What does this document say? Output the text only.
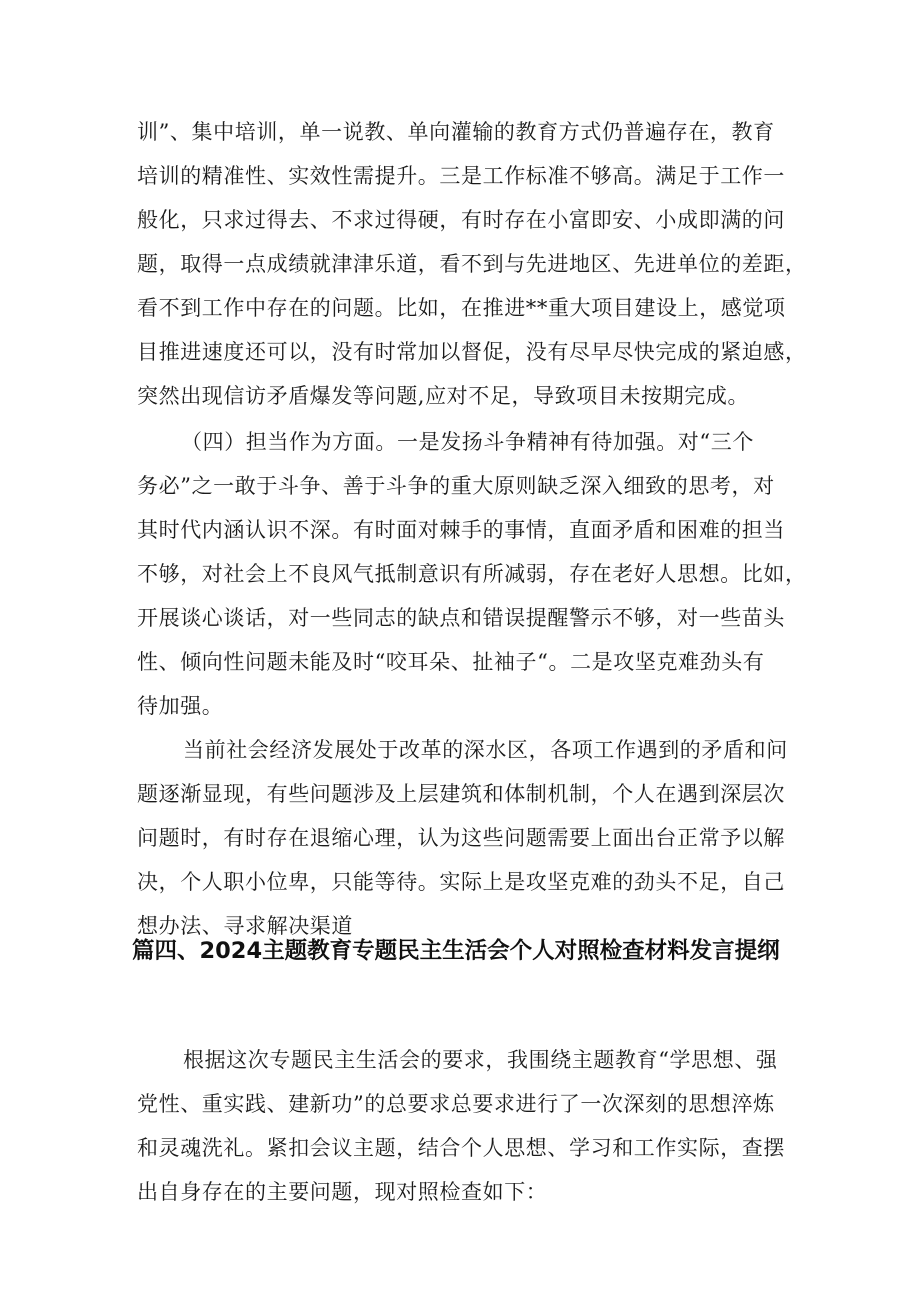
训”、集中培训，单一说教、单向灌输的教育方式仍普遍存在，教育
培训的精准性、实效性需提升。三是工作标准不够高。满足于工作一
般化，只求过得去、不求过得硬，有时存在小富即安、小成即满的问
题，取得一点成绩就津津乐道，看不到与先进地区、先进单位的差距，
看不到工作中存在的问题。比如，在推进**重大项目建设上，感觉项
目推进速度还可以，没有时常加以督促，没有尽早尽快完成的紧迫感，
突然出现信访矛盾爆发等问题,应对不足，导致项目未按期完成。
（四）担当作为方面。一是发扬斗争精神有待加强。对“三个
务必”之一敢于斗争、善于斗争的重大原则缺乏深入细致的思考，对
其时代内涵认识不深。有时面对棘手的事情，直面矛盾和困难的担当
不够，对社会上不良风气抵制意识有所减弱，存在老好人思想。比如，
开展谈心谈话，对一些同志的缺点和错误提醒警示不够，对一些苗头
性、倾向性问题未能及时“咬耳朵、扯袖子“。二是攻坚克难劲头有
待加强。
当前社会经济发展处于改革的深水区，各项工作遇到的矛盾和问
题逐渐显现，有些问题涉及上层建筑和体制机制，个人在遇到深层次
问题时，有时存在退缩心理，认为这些问题需要上面出台正常予以解
决，个人职小位卑，只能等待。实际上是攻坚克难的劲头不足，自己
想办法、寻求解决渠道
篇四、2024主题教育专题民主生活会个人对照检查材料发言提纲
根据这次专题民主生活会的要求，我围绕主题教育“学思想、强
党性、重实践、建新功”的总要求总要求进行了一次深刻的思想淬炼
和灵魂洗礼。紧扣会议主题，结合个人思想、学习和工作实际，查摆
出自身存在的主要问题，现对照检查如下：
